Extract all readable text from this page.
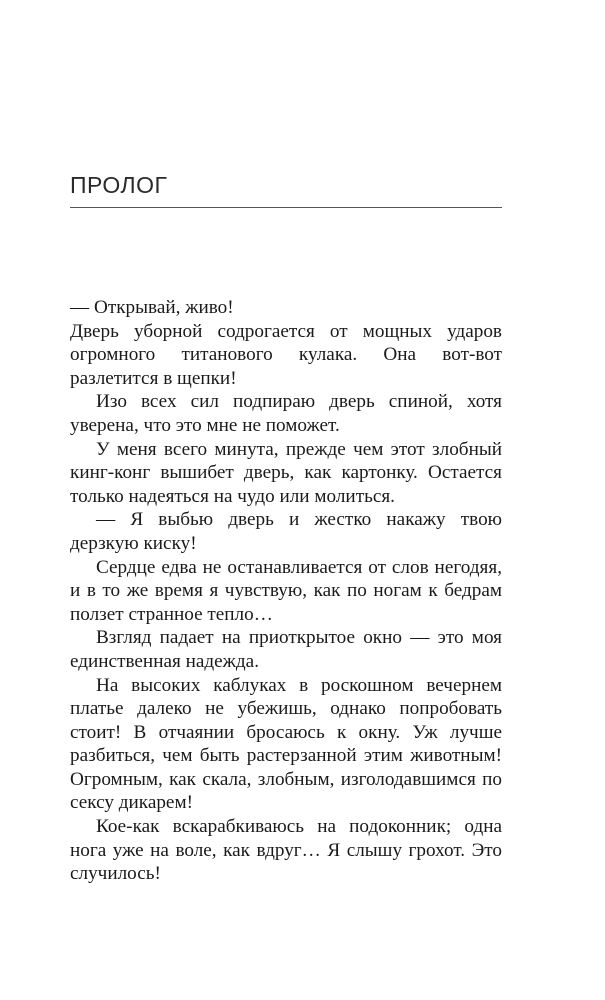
ПРОЛОГ

— Открывай, живо!

Дверь уборной содрогается от мощных ударов огромного титанового кулака. Она вот-вот разлетится в щепки!

Изо всех сил подпираю дверь спиной, хотя уверена, что это мне не поможет.

У меня всего минута, прежде чем этот злобный кинг-конг вышибет дверь, как картонку. Остается только надеяться на чудо или молиться.

— Я выбью дверь и жестко накажу твою дерзкую киску!

Сердце едва не останавливается от слов негодяя, и в то же время я чувствую, как по ногам к бедрам ползет странное тепло…

Взгляд падает на приоткрытое окно — это моя единственная надежда.

На высоких каблуках в роскошном вечернем платье далеко не убежишь, однако попробовать стоит! В отчаянии бросаюсь к окну. Уж лучше разбиться, чем быть растерзанной этим животным! Огромным, как скала, злобным, изголодавшимся по сексу дикарем!

Кое-как вскарабкиваюсь на подоконник; одна нога уже на воле, как вдруг… Я слышу грохот. Это случилось!
